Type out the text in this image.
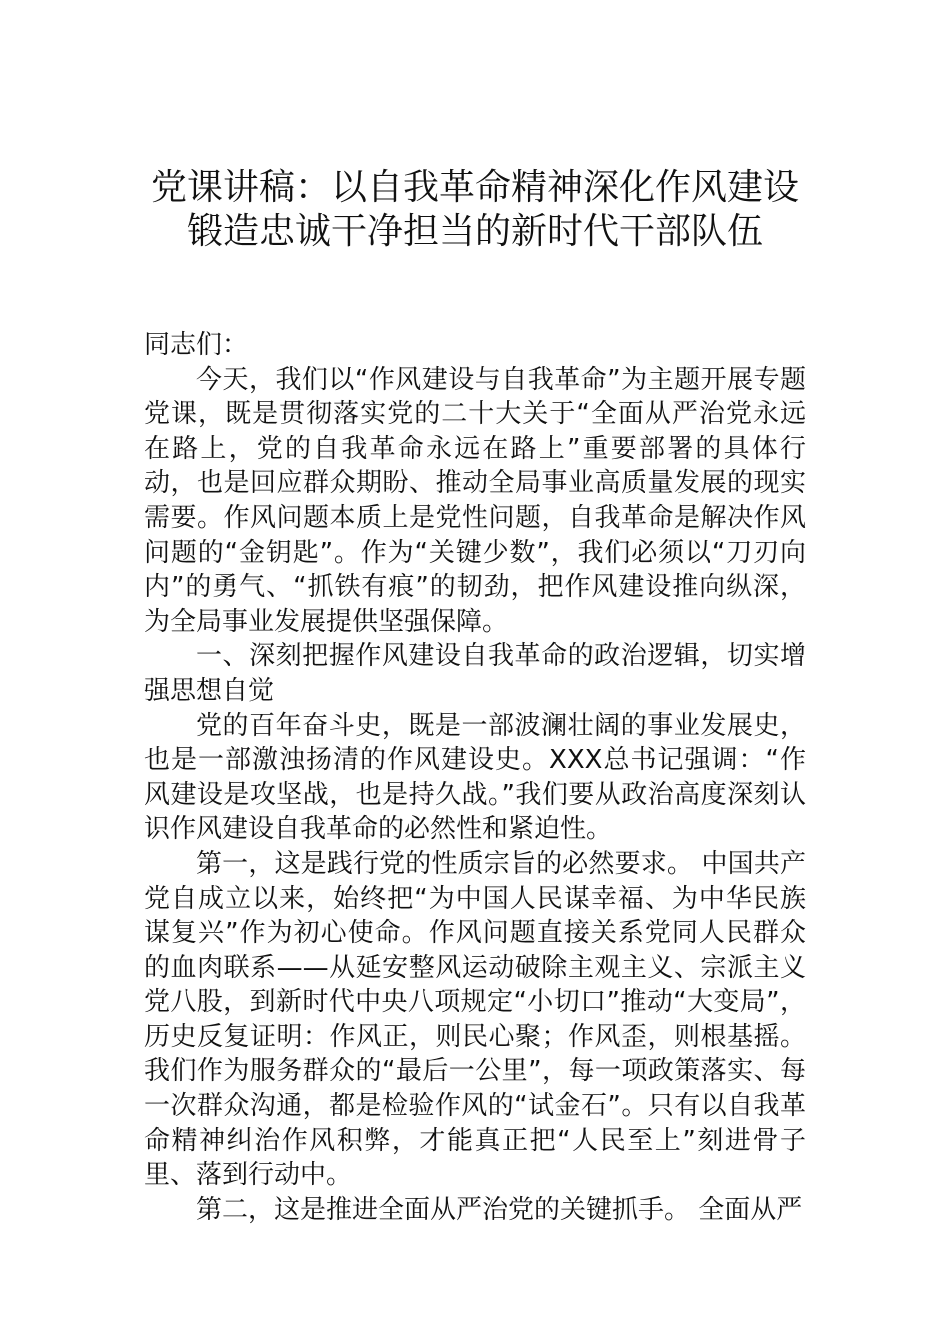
党课讲稿：以自我革命精神深化作风建设
锻造忠诚干净担当的新时代干部队伍

同志们：

今天，我们以“作风建设与自我革命”为主题开展专题党课，既是贯彻落实党的二十大关于“全面从严治党永远在路上，党的自我革命永远在路上”重要部署的具体行动，也是回应群众期盼、推动全局事业高质量发展的现实需要。作风问题本质上是党性问题，自我革命是解决作风问题的“金钥匙”。作为“关键少数”，我们必须以“刀刃向内”的勇气、“抓铁有痕”的韧劲，把作风建设推向纵深，为全局事业发展提供坚强保障。

一、深刻把握作风建设自我革命的政治逻辑，切实增强思想自觉

党的百年奋斗史，既是一部波澜壮阔的事业发展史，也是一部激浊扬清的作风建设史。XXX总书记强调：“作风建设是攻坚战，也是持久战。”我们要从政治高度深刻认识作风建设自我革命的必然性和紧迫性。

第一，这是践行党的性质宗旨的必然要求。 中国共产党自成立以来，始终把“为中国人民谋幸福、为中华民族谋复兴”作为初心使命。作风问题直接关系党同人民群众的血肉联系——从延安整风运动破除主观主义、宗派主义党八股，到新时代中央八项规定“小切口”推动“大变局”，历史反复证明：作风正，则民心聚；作风歪，则根基摇。我们作为服务群众的“最后一公里”，每一项政策落实、每一次群众沟通，都是检验作风的“试金石”。只有以自我革命精神纠治作风积弊，才能真正把“人民至上”刻进骨子里、落到行动中。

第二，这是推进全面从严治党的关键抓手。 全面从严
